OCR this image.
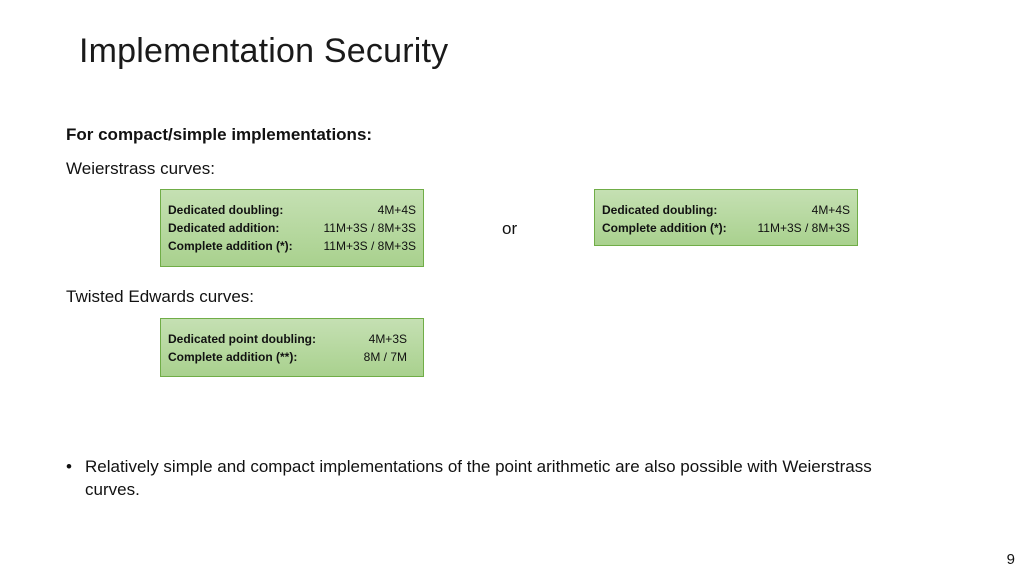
Implementation Security
For compact/simple implementations:
Weierstrass curves:
Dedicated doubling:	4M+4S
Dedicated addition:	11M+3S / 8M+3S
Complete addition (*):	11M+3S / 8M+3S
or
Dedicated doubling:	4M+4S
Complete addition (*):	11M+3S / 8M+3S
Twisted Edwards curves:
Dedicated point doubling:	4M+3S
Complete addition (**):	8M / 7M
• Relatively simple and compact implementations of the point arithmetic are also possible with Weierstrass curves.
9
